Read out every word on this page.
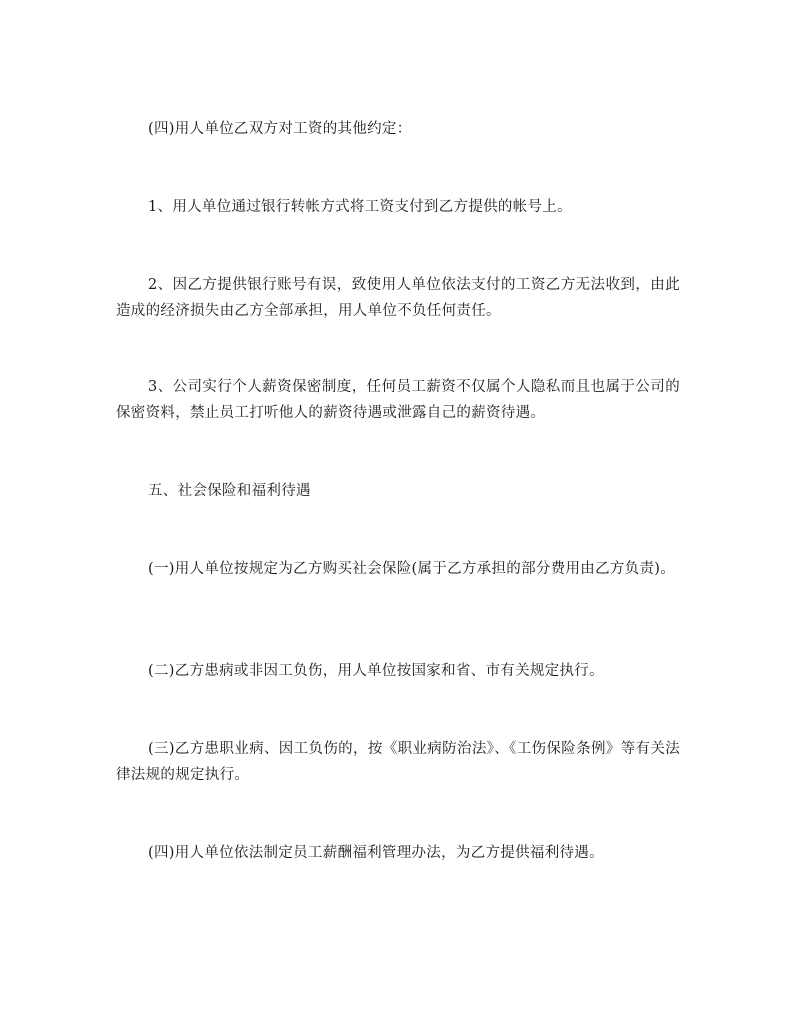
(四)用人单位乙双方对工资的其他约定：

1、用人单位通过银行转帐方式将工资支付到乙方提供的帐号上。

2、因乙方提供银行账号有误，致使用人单位依法支付的工资乙方无法收到，由此造成的经济损失由乙方全部承担，用人单位不负任何责任。

3、公司实行个人薪资保密制度，任何员工薪资不仅属个人隐私而且也属于公司的保密资料，禁止员工打听他人的薪资待遇或泄露自己的薪资待遇。

五、社会保险和福利待遇

(一)用人单位按规定为乙方购买社会保险(属于乙方承担的部分费用由乙方负责)。

(二)乙方患病或非因工负伤，用人单位按国家和省、市有关规定执行。

(三)乙方患职业病、因工负伤的，按《职业病防治法》、《工伤保险条例》等有关法律法规的规定执行。

(四)用人单位依法制定员工薪酬福利管理办法，为乙方提供福利待遇。
